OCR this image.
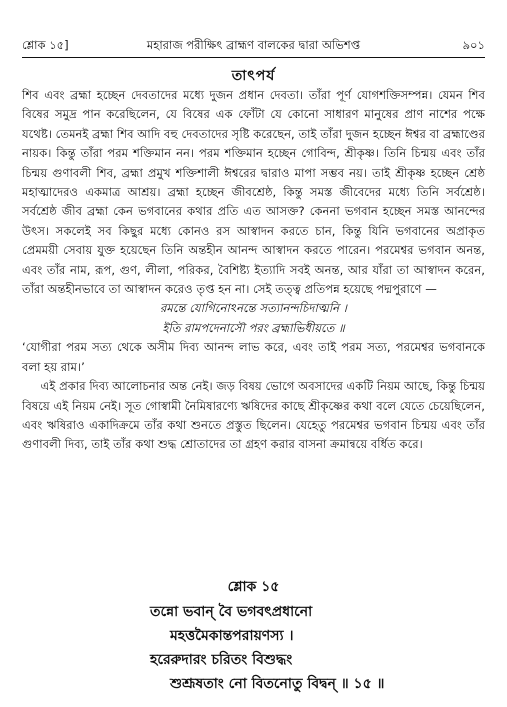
শ্লোক ১৫]	মহারাজ পরীক্ষিৎ ব্রাহ্মণ বালকের দ্বারা অভিশপ্ত	৯০১
তাৎপর্য

শিব এবং ব্রহ্মা হচ্ছেন দেবতাদের মধ্যে দুজন প্রধান দেবতা। তাঁরা পূর্ণ যোগশক্তিসম্পন্ন। যেমন শিব বিষের সমুদ্র পান করেছিলেন, যে বিষের এক ফোঁটা যে কোনো সাধারণ মানুষের প্রাণ নাশের পক্ষে যথেষ্ট। তেমনই ব্রহ্মা শিব আদি বহু দেবতাদের সৃষ্টি করেছেন, তাই তাঁরা দুজন হচ্ছেন ঈশ্বর বা ব্রহ্মাণ্ডের নায়ক। কিন্তু তাঁরা পরম শক্তিমান নন। পরম শক্তিমান হচ্ছেন গোবিন্দ, শ্রীকৃষ্ণ। তিনি চিন্ময় এবং তাঁর চিন্ময় গুণাবলী শিব, ব্রহ্মা প্রমুখ শক্তিশালী ঈশ্বরের দ্বারাও মাপা সম্ভব নয়। তাই শ্রীকৃষ্ণ হচ্ছেন শ্রেষ্ঠ মহাত্মাদেরও একমাত্র আশ্রয়। ব্রহ্মা হচ্ছেন জীবশ্রেষ্ঠ, কিন্তু সমস্ত জীবেদের মধ্যে তিনি সর্বশ্রেষ্ঠ। সর্বশ্রেষ্ঠ জীব ব্রহ্মা কেন ভগবানের কথার প্রতি এত আসক্ত? কেননা ভগবান হচ্ছেন সমস্ত আনন্দের উৎস। সকলেই সব কিছুর মধ্যে কোনও রস আস্বাদন করতে চান, কিন্তু যিনি ভগবানের অপ্রাকৃত প্রেমময়ী সেবায় যুক্ত হয়েছেন তিনি অন্তহীন আনন্দ আস্বাদন করতে পারেন। পরমেশ্বর ভগবান অনন্ত, এবং তাঁর নাম, রূপ, গুণ, লীলা, পরিকর, বৈশিষ্ট্য ইত্যাদি সবই অনন্ত, আর যাঁরা তা আস্বাদন করেন, তাঁরা অন্তহীনভাবে তা আস্বাদন করেও তৃপ্ত হন না। সেই তত্ত্ব প্রতিপন্ন হয়েছে পদ্মপুরাণে —

রমন্তে যোগিনোঽনন্তে সত্যানন্দচিদাত্মনি ।

ইতি রামপদেনাসৌ পরং ব্রহ্মাভিধীয়তে ॥

‘যোগীরা পরম সত্য থেকে অসীম দিব্য আনন্দ লাভ করে, এবং তাই পরম সত্য, পরমেশ্বর ভগবানকে বলা হয় রাম।’

এই প্রকার দিব্য আলোচনার অন্ত নেই। জড় বিষয় ভোগে অবসাদের একটি নিয়ম আছে, কিন্তু চিন্ময় বিষয়ে এই নিয়ম নেই। সূত গোস্বামী নৈমিষারণ্যে ঋষিদের কাছে শ্রীকৃষ্ণের কথা বলে যেতে চেয়েছিলেন, এবং ঋষিরাও একাদিক্রমে তাঁর কথা শুনতে প্রস্তুত ছিলেন। যেহেতু পরমেশ্বর ভগবান চিন্ময় এবং তাঁর গুণাবলী দিব্য, তাই তাঁর কথা শুদ্ধ শ্রোতাদের তা গ্রহণ করার বাসনা ক্রমান্বয়ে বর্ধিত করে।

শ্লোক ১৫
তন্নো ভবান্ বৈ ভগবৎপ্রধানো
মহত্তমৈকান্তপরায়ণস্য ।
হরেরুদারং চরিতং বিশুদ্ধং
শুশ্রূষতাং নো বিতনোতু বিদ্বন্ ॥ ১৫ ॥
